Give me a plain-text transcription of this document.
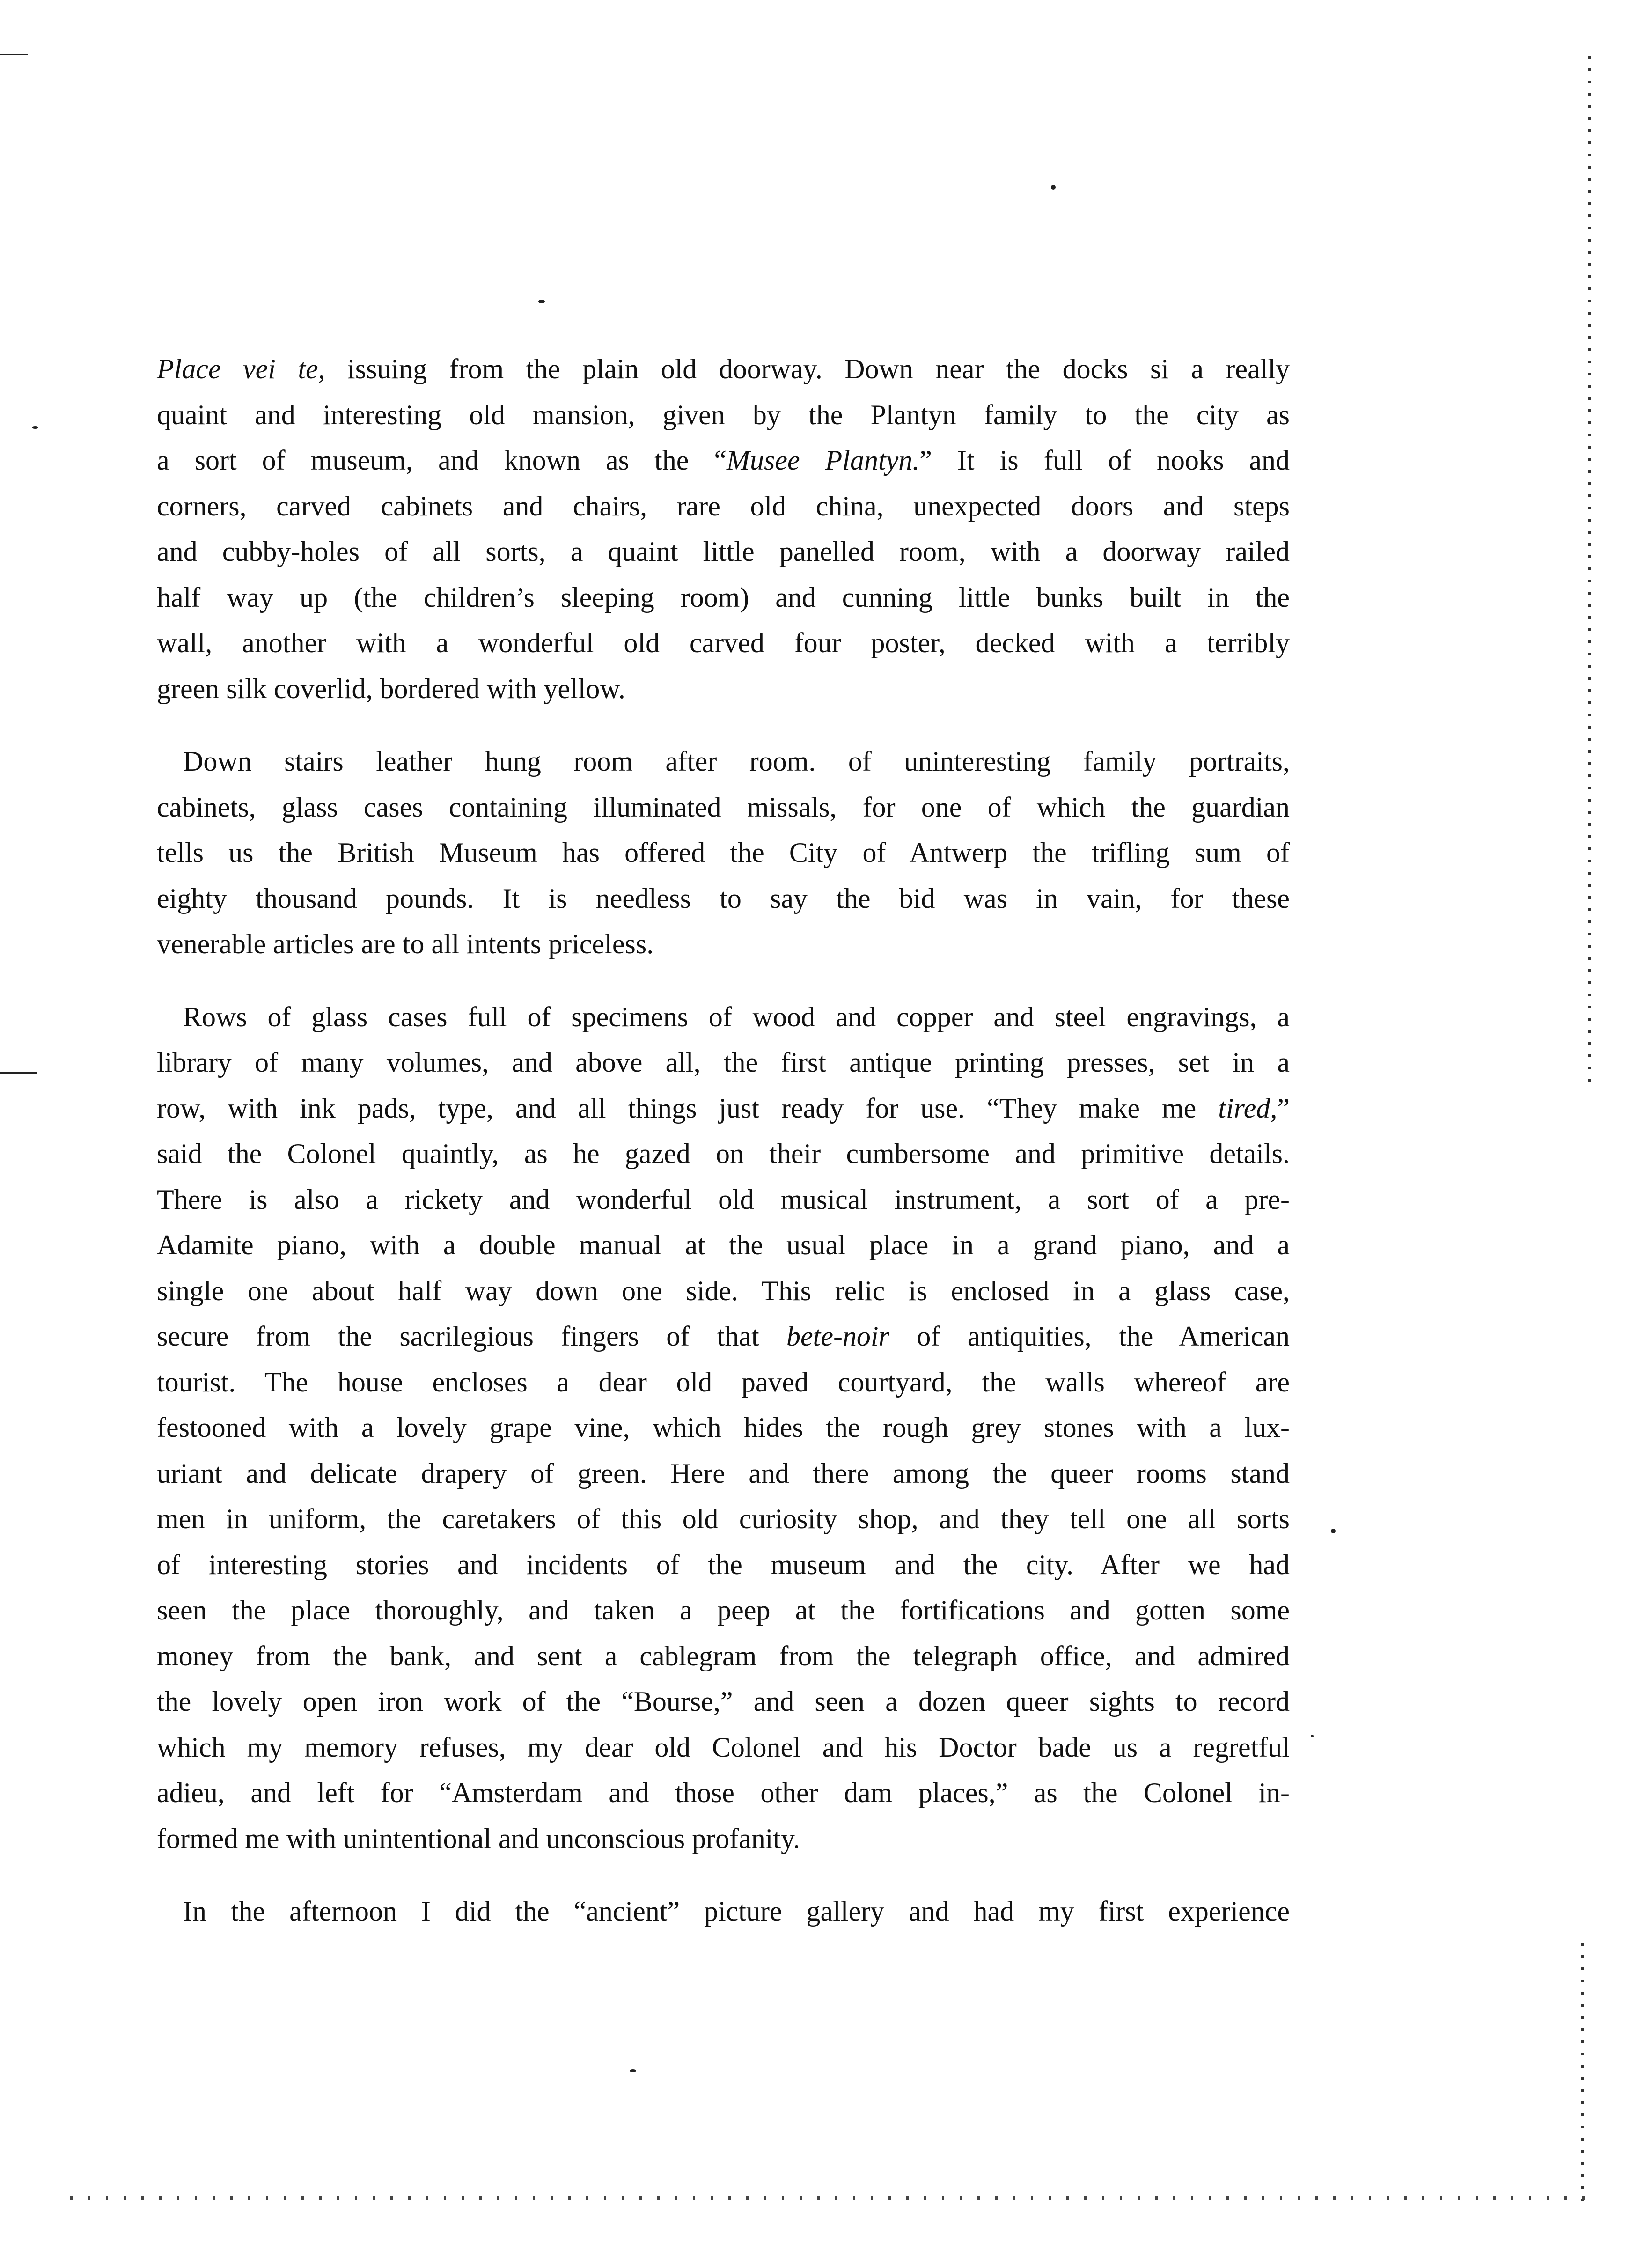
Place vei te, issuing from the plain old doorway. Down near the docks si a really
quaint and interesting old mansion, given by the Plantyn family to the city as
a sort of museum, and known as the “Musee Plantyn.” It is full of nooks and
corners, carved cabinets and chairs, rare old china, unexpected doors and steps
and cubby-holes of all sorts, a quaint little panelled room, with a doorway railed
half way up (the children’s sleeping room) and cunning little bunks built in the
wall, another with a wonderful old carved four poster, decked with a terribly
green silk coverlid, bordered with yellow.
Down stairs leather hung room after room. of uninteresting family portraits,
cabinets, glass cases containing illuminated missals, for one of which the guardian
tells us the British Museum has offered the City of Antwerp the trifling sum of
eighty thousand pounds. It is needless to say the bid was in vain, for these
venerable articles are to all intents priceless.
Rows of glass cases full of specimens of wood and copper and steel engravings, a
library of many volumes, and above all, the first antique printing presses, set in a
row, with ink pads, type, and all things just ready for use. “They make me tired,”
said the Colonel quaintly, as he gazed on their cumbersome and primitive details.
There is also a rickety and wonderful old musical instrument, a sort of a pre-
Adamite piano, with a double manual at the usual place in a grand piano, and a
single one about half way down one side. This relic is enclosed in a glass case,
secure from the sacrilegious fingers of that bete-noir of antiquities, the American
tourist. The house encloses a dear old paved courtyard, the walls whereof are
festooned with a lovely grape vine, which hides the rough grey stones with a lux-
uriant and delicate drapery of green. Here and there among the queer rooms stand
men in uniform, the caretakers of this old curiosity shop, and they tell one all sorts
of interesting stories and incidents of the museum and the city. After we had
seen the place thoroughly, and taken a peep at the fortifications and gotten some
money from the bank, and sent a cablegram from the telegraph office, and admired
the lovely open iron work of the “Bourse,” and seen a dozen queer sights to record
which my memory refuses, my dear old Colonel and his Doctor bade us a regretful
adieu, and left for “Amsterdam and those other dam places,” as the Colonel in-
formed me with unintentional and unconscious profanity.
In the afternoon I did the “ancient” picture gallery and had my first experience
